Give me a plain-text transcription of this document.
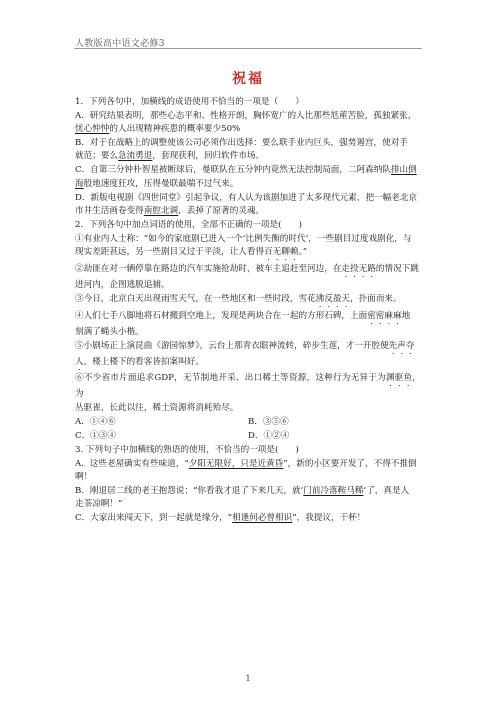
人教版高中语文必修3
祝福

1．下列各句中，加横线的成语使用不恰当的一项是（　　）

A．研究结果表明，那些心态平和、性格开朗，胸怀宽广的人比那些尪蓙苦脸，孤独紧张，
忧心忡忡的人出现精神疾患的概率要少50%

B．对于在战略上的调整使该公司必须作出选择：要么联手业内巨头，强势遏宫，使对手
就范；要么急流勇退，套现获利，回归软件市场。

C．自第三分钟朴智星被断球后，曼联队在五分钟内竟然无法控制局面，二阿森纳队排山倒
海般地速度狂攻，压得曼联最喘不过气来。

D．新版电视剧《四世同堂》引起争议，有人认为该剧加进了太多现代元素，把一幅老北京
市井生活画卷变得南腔北调，丢掉了原著的灵魂。

2．下列各句中加点词语的使用，全部不正确的一项是(　　)

①有业内人士称：“如今的家庭剧已进入一个‘比例失衡的时代’，一些剧目过度戏剧化，与
现实差距甚远，另一些剧目又过于平淡，让人看得百无聊赖。”

②劫匪在对一辆停靠在路边的汽车实施抢劫时，被车主追赶至河边，在走投无路的情况下跳
进河内，企图逃脱追捕。

③今日，北京白天出现雨雪天气，在一些地区和一些时段，雪花沸反盈天，扑面而来。

④人们七手八脚地将石材搬到空地上，发现是两块合在一起的方形石碑，上面密密麻麻地
刻满了蝇头小楷。

⑤小剧场正上演昆曲《游园惊梦》，云台上那青衣眼神流转，碎步生莲，才一开腔便先声夺
人，楼上楼下的看客皆拍案叫好。

⑥不少省市片面追求GDP，无节制地开采、出口稀土等资源，这种行为无异于为渊驱鱼，为
丛驱雀，长此以往，稀土资源将消耗殆尽。

A．①④⑥	B．③⑤⑥
C．①③④	D．①②④

3. 下列句子中加横线的熟语的使用，不恰当的一项是(　　)

A．这些老屋确实有些味道，“夕阳无限好，只是近黄昏”，新的小区要开发了，不得不推倒
啊！

B．刚退居二线的老王抱怨说：“你看我才退了下来几天，就‘门前冷落鞍马稀’了，真是人
走茶凉啊！”

C．大家出来闯天下，到一起就是缘分，“相逢何必曾相识”，我提议，干杯！

1
